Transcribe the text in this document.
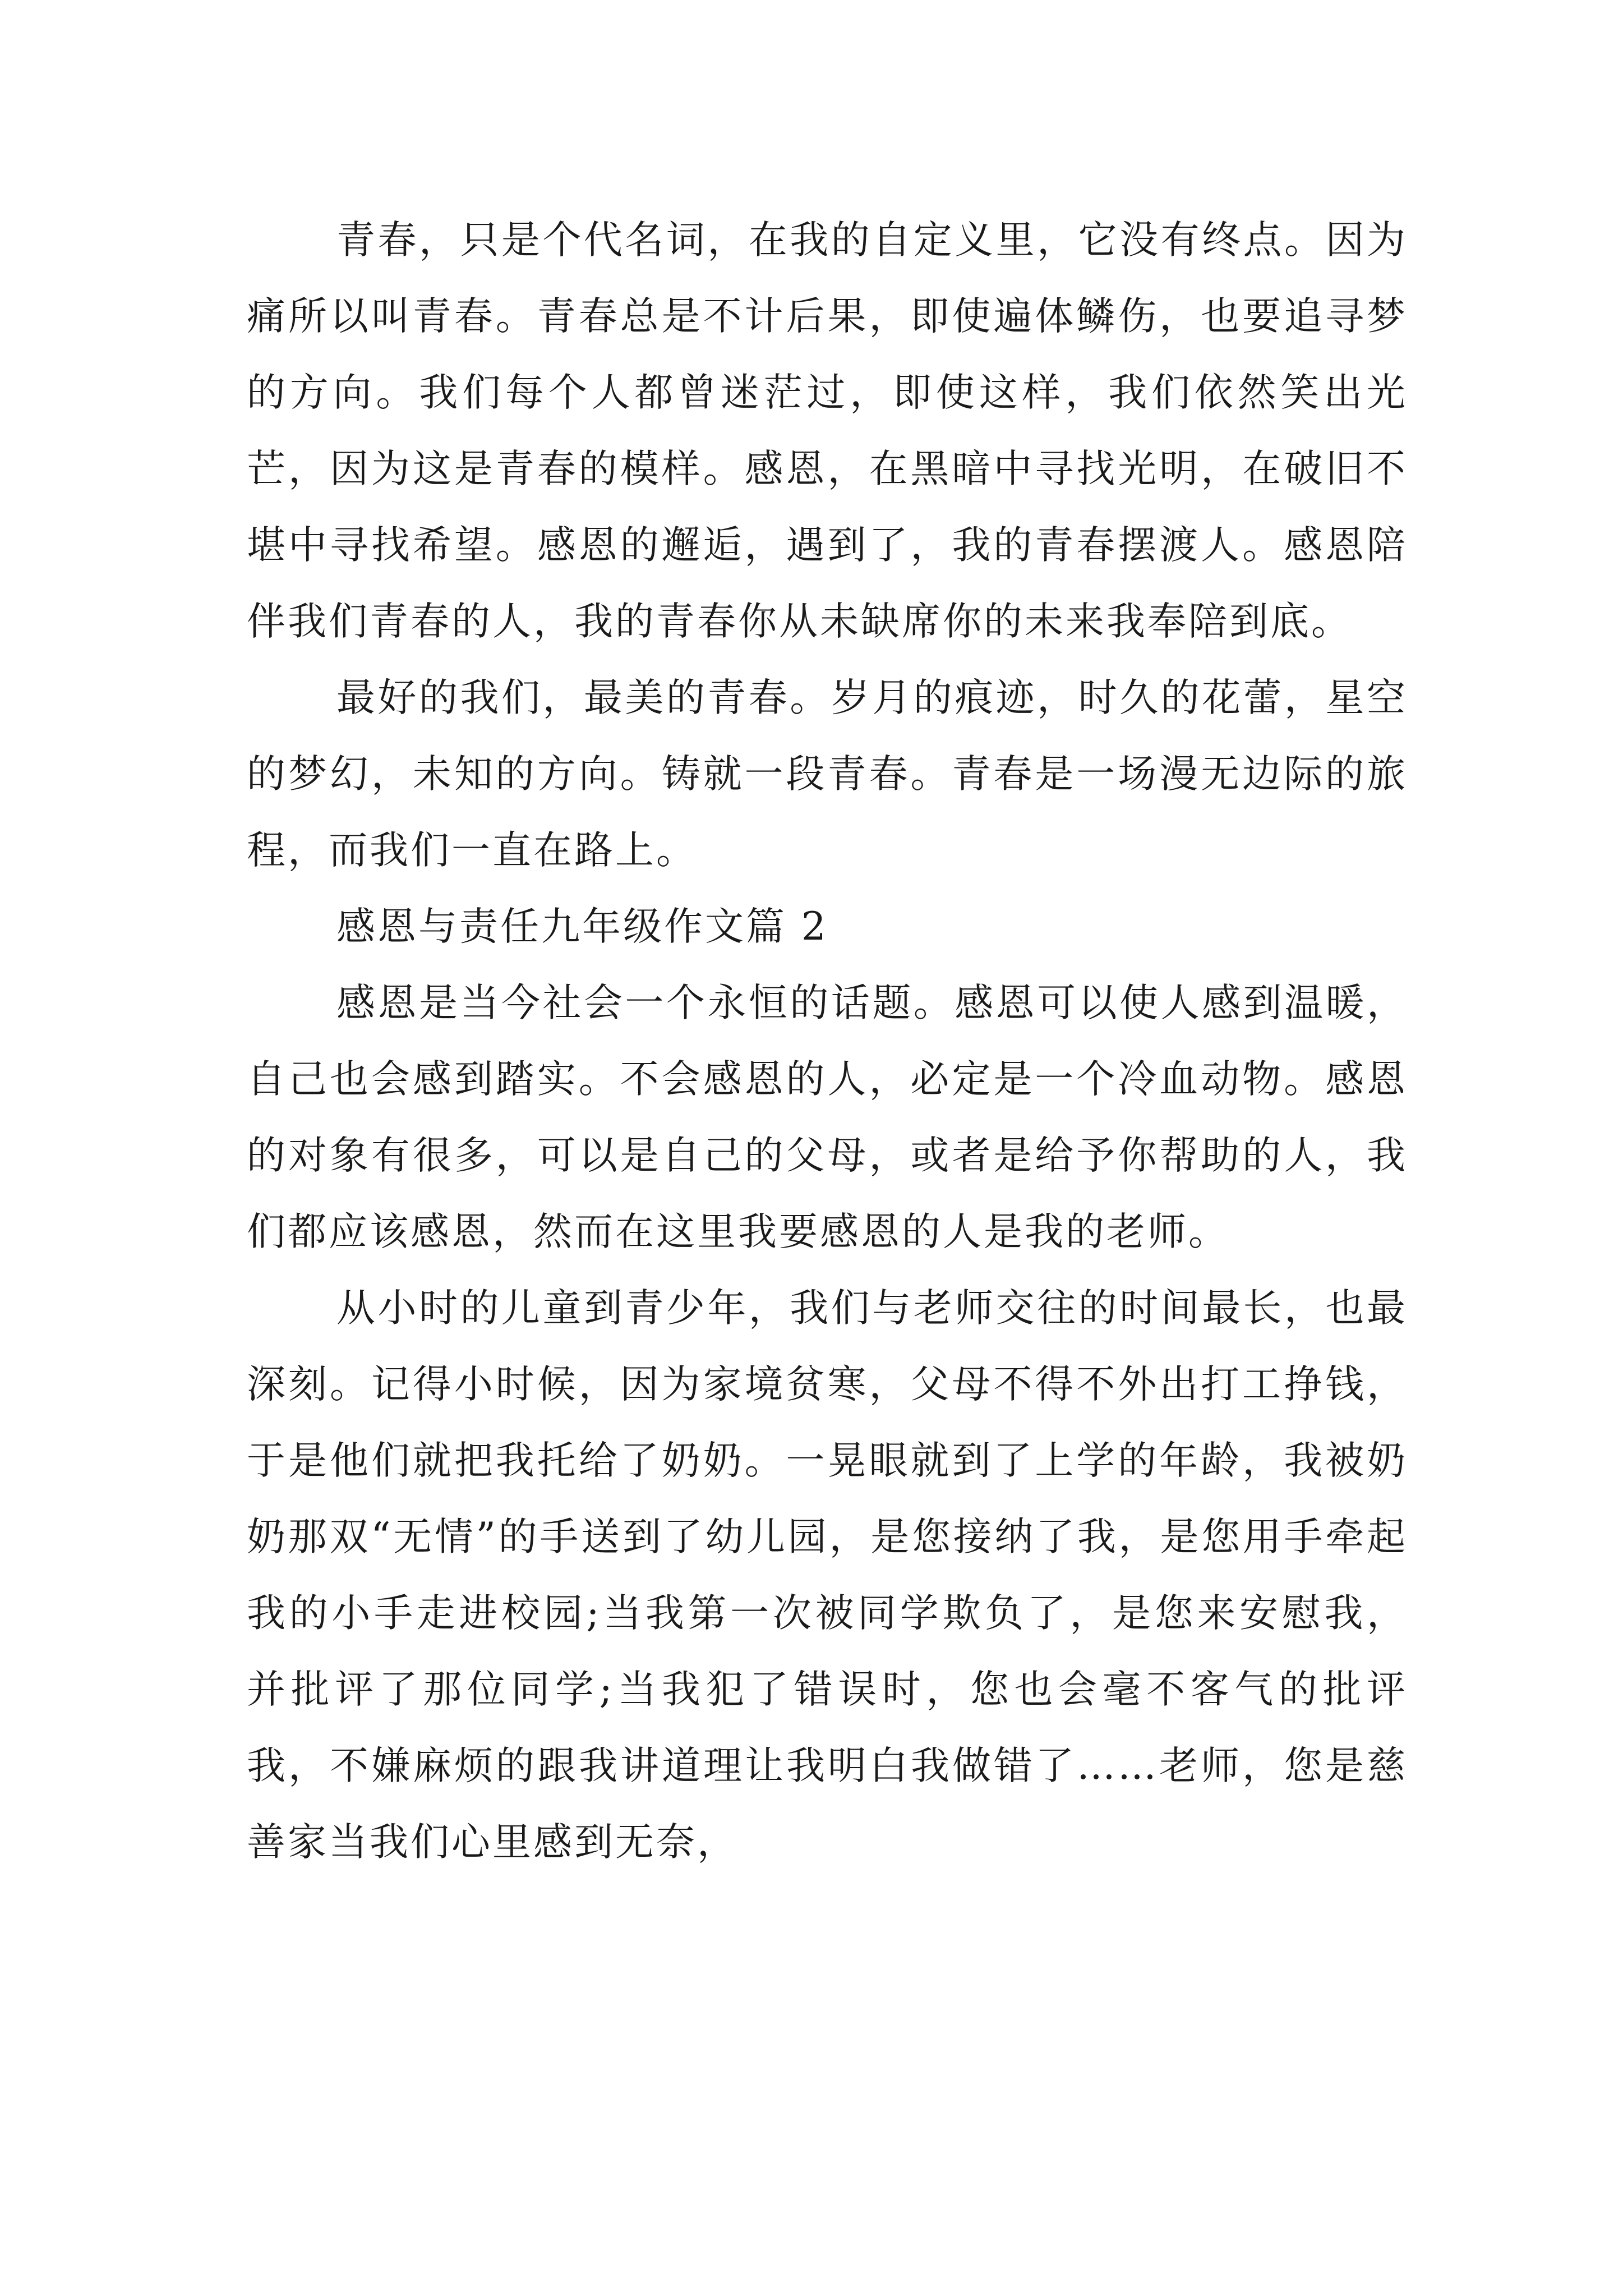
青春，只是个代名词，在我的自定义里，它没有终点。因为痛所以叫青春。青春总是不计后果，即使遍体鳞伤，也要追寻梦的方向。我们每个人都曾迷茫过，即使这样，我们依然笑出光芒，因为这是青春的模样。感恩，在黑暗中寻找光明，在破旧不堪中寻找希望。感恩的邂逅，遇到了，我的青春摆渡人。感恩陪伴我们青春的人，我的青春你从未缺席你的未来我奉陪到底。

最好的我们，最美的青春。岁月的痕迹，时久的花蕾，星空的梦幻，未知的方向。铸就一段青春。青春是一场漫无边际的旅程，而我们一直在路上。

感恩与责任九年级作文篇 2

感恩是当今社会一个永恒的话题。感恩可以使人感到温暖，自己也会感到踏实。不会感恩的人，必定是一个冷血动物。感恩的对象有很多，可以是自己的父母，或者是给予你帮助的人，我们都应该感恩，然而在这里我要感恩的人是我的老师。

从小时的儿童到青少年，我们与老师交往的时间最长，也最深刻。记得小时候，因为家境贫寒，父母不得不外出打工挣钱，于是他们就把我托给了奶奶。一晃眼就到了上学的年龄，我被奶奶那双“无情”的手送到了幼儿园，是您接纳了我，是您用手牵起我的小手走进校园;当我第一次被同学欺负了，是您来安慰我，并批评了那位同学;当我犯了错误时，您也会毫不客气的批评我，不嫌麻烦的跟我讲道理让我明白我做错了……老师，您是慈善家当我们心里感到无奈，
